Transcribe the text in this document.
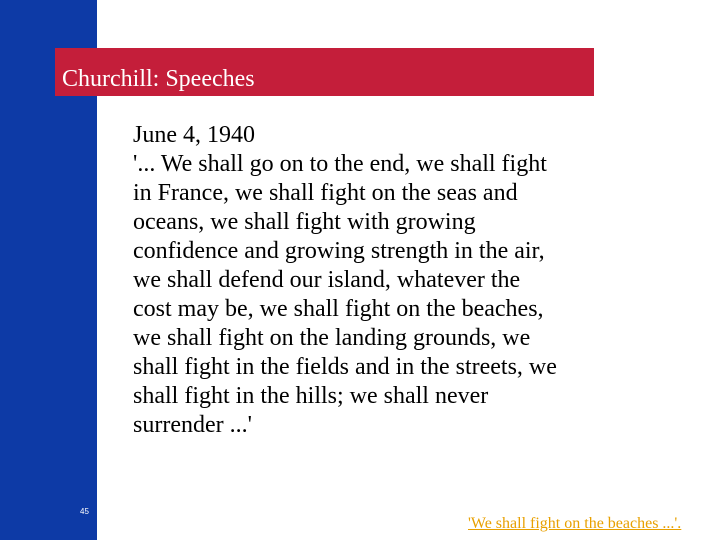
Churchill: Speeches
June 4, 1940
'... We shall go on to the end, we shall fight
in France, we shall fight on the seas and
oceans, we shall fight with growing
confidence and growing strength in the air,
we shall defend our island, whatever the
cost may be, we shall fight on the beaches,
we shall fight on the landing grounds, we
shall fight in the fields and in the streets, we
shall fight in the hills; we shall never
surrender ...'
45
'We shall fight on the beaches ...'.
